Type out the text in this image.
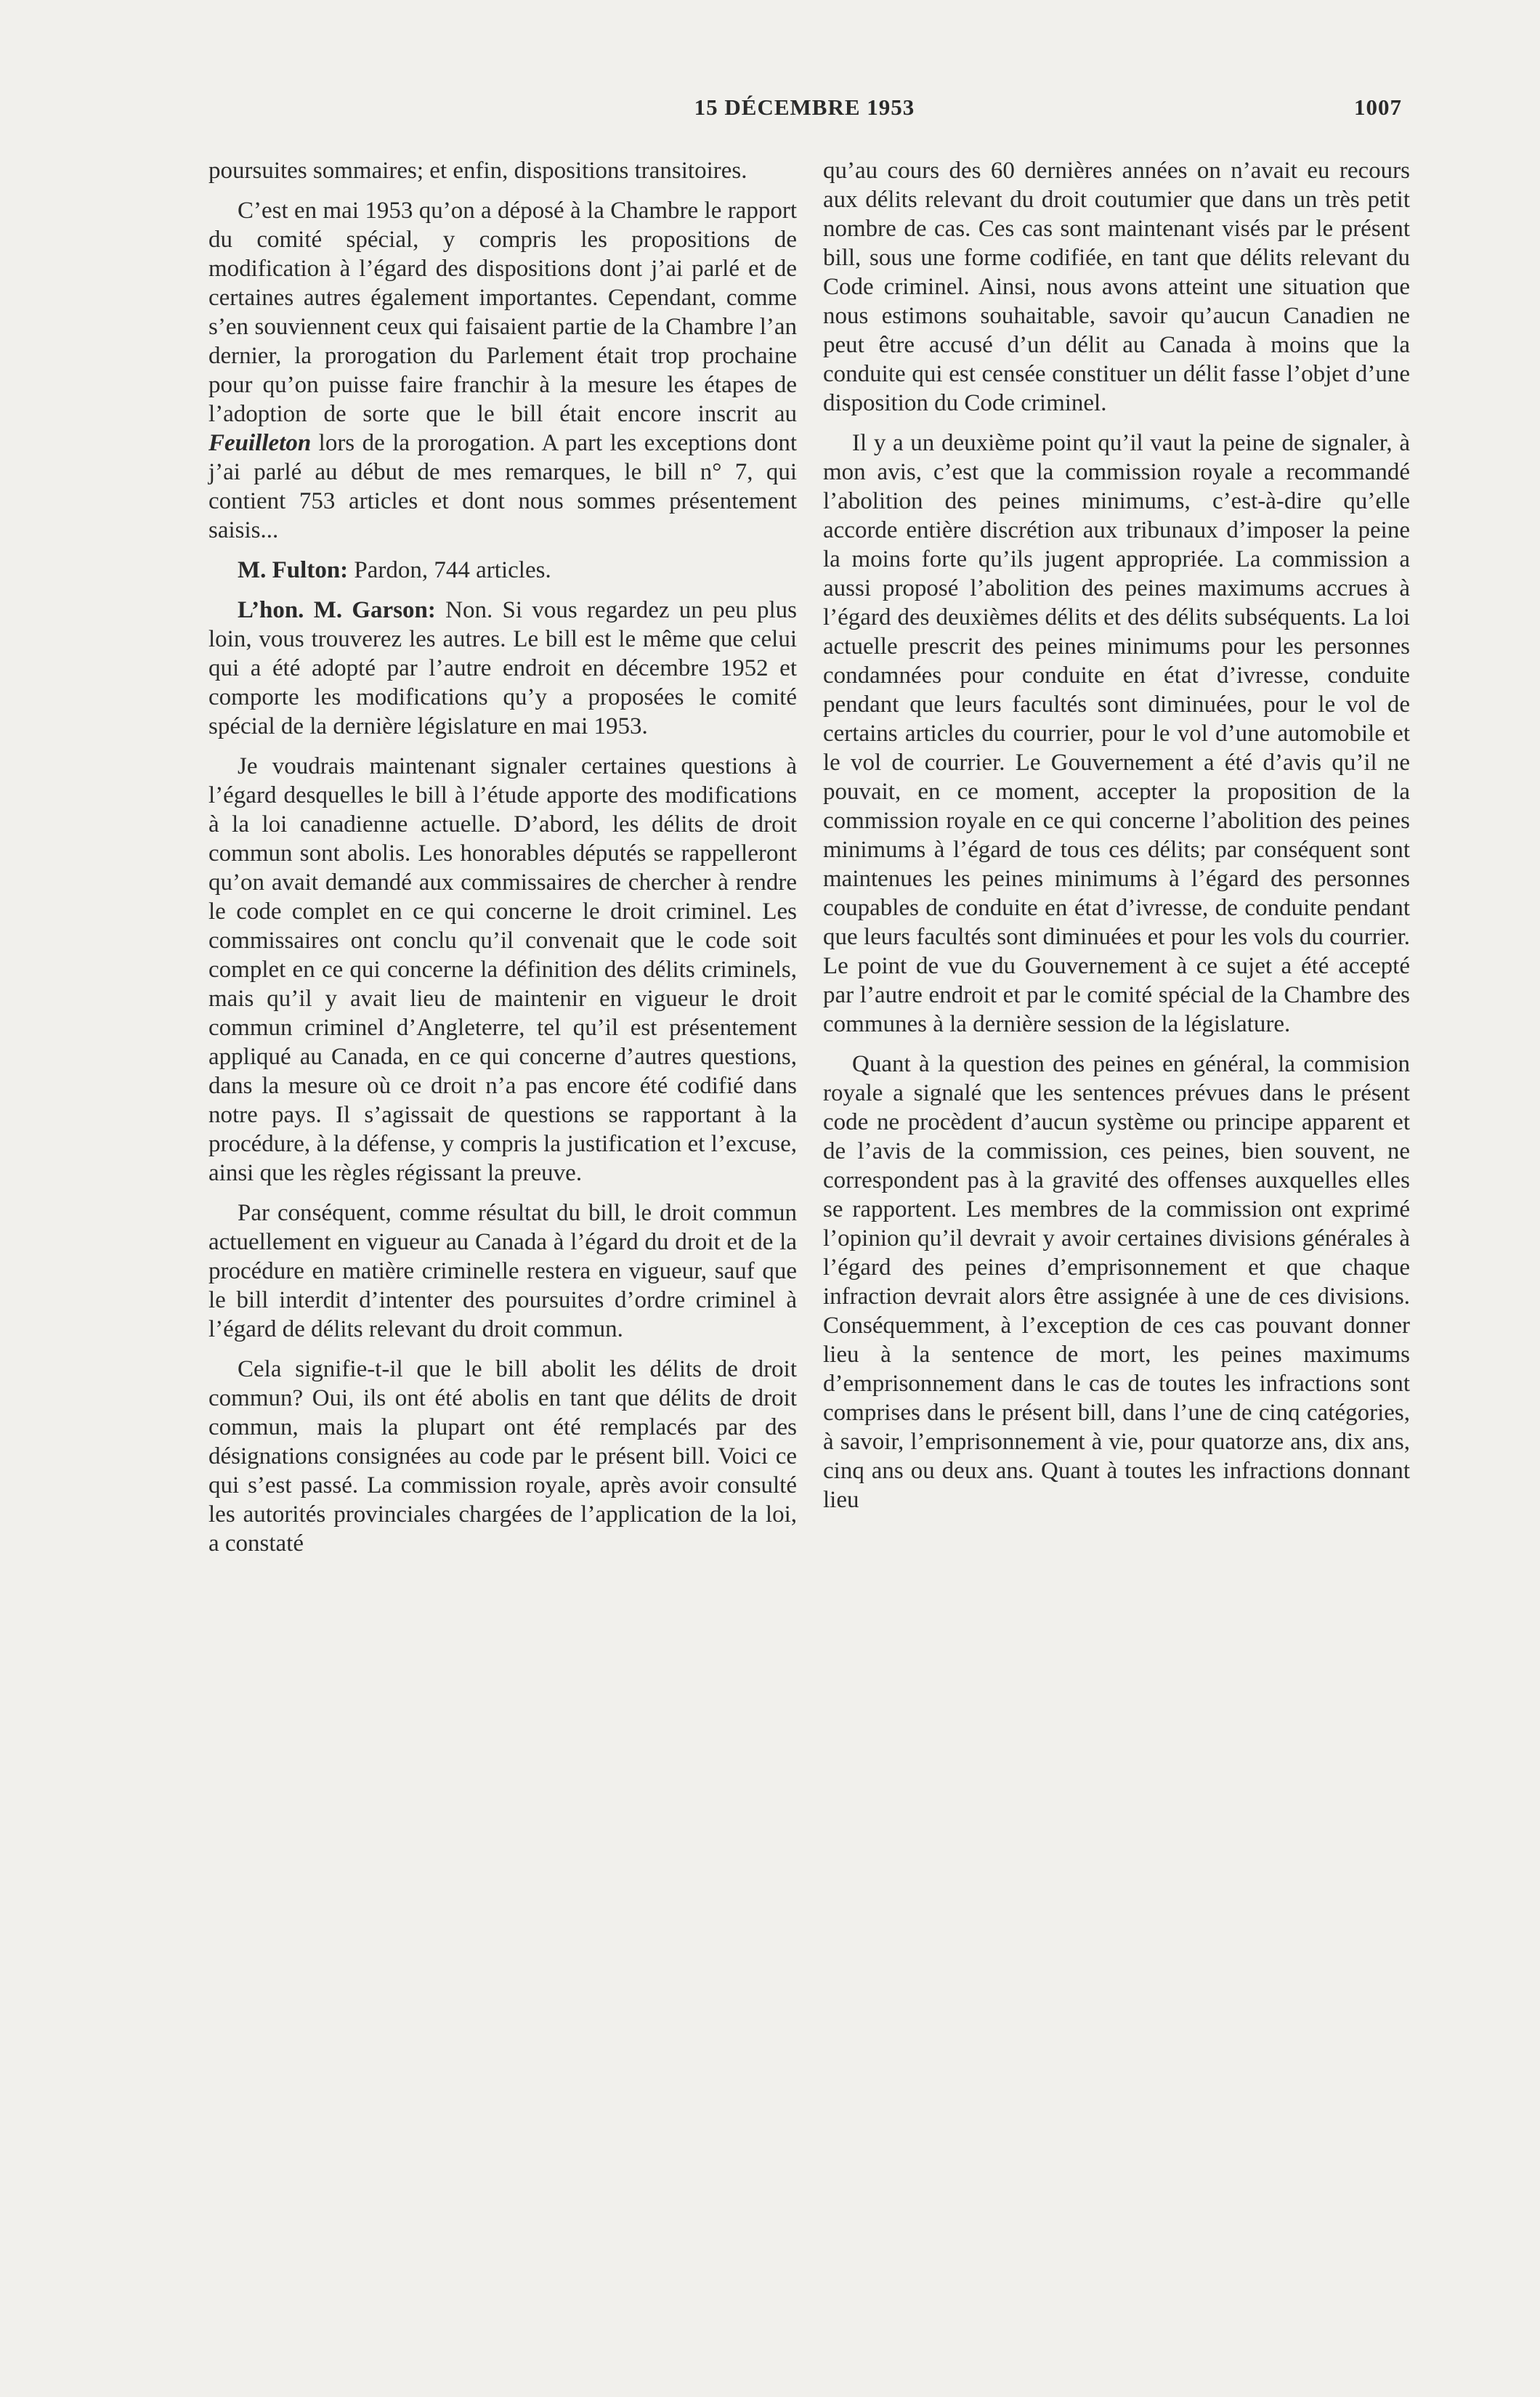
15 DÉCEMBRE 1953	1007

poursuites sommaires; et enfin, dispositions transitoires.

C’est en mai 1953 qu’on a déposé à la Chambre le rapport du comité spécial, y compris les propositions de modification à l’égard des dispositions dont j’ai parlé et de certaines autres également importantes. Cependant, comme s’en souviennent ceux qui faisaient partie de la Chambre l’an dernier, la prorogation du Parlement était trop prochaine pour qu’on puisse faire franchir à la mesure les étapes de l’adoption de sorte que le bill était encore inscrit au Feuilleton lors de la prorogation. A part les exceptions dont j’ai parlé au début de mes remarques, le bill n° 7, qui contient 753 articles et dont nous sommes présentement saisis...

M. Fulton: Pardon, 744 articles.

L’hon. M. Garson: Non. Si vous regardez un peu plus loin, vous trouverez les autres. Le bill est le même que celui qui a été adopté par l’autre endroit en décembre 1952 et comporte les modifications qu’y a proposées le comité spécial de la dernière législature en mai 1953.

Je voudrais maintenant signaler certaines questions à l’égard desquelles le bill à l’étude apporte des modifications à la loi canadienne actuelle. D’abord, les délits de droit commun sont abolis. Les honorables députés se rappelleront qu’on avait demandé aux commissaires de chercher à rendre le code complet en ce qui concerne le droit criminel. Les commissaires ont conclu qu’il convenait que le code soit complet en ce qui concerne la définition des délits criminels, mais qu’il y avait lieu de maintenir en vigueur le droit commun criminel d’Angleterre, tel qu’il est présentement appliqué au Canada, en ce qui concerne d’autres questions, dans la mesure où ce droit n’a pas encore été codifié dans notre pays. Il s’agissait de questions se rapportant à la procédure, à la défense, y compris la justification et l’excuse, ainsi que les règles régissant la preuve.

Par conséquent, comme résultat du bill, le droit commun actuellement en vigueur au Canada à l’égard du droit et de la procédure en matière criminelle restera en vigueur, sauf que le bill interdit d’intenter des poursuites d’ordre criminel à l’égard de délits relevant du droit commun.

Cela signifie-t-il que le bill abolit les délits de droit commun? Oui, ils ont été abolis en tant que délits de droit commun, mais la plupart ont été remplacés par des désignations consignées au code par le présent bill. Voici ce qui s’est passé. La commission royale, après avoir consulté les autorités provinciales chargées de l’application de la loi, a constaté

qu’au cours des 60 dernières années on n’avait eu recours aux délits relevant du droit coutumier que dans un très petit nombre de cas. Ces cas sont maintenant visés par le présent bill, sous une forme codifiée, en tant que délits relevant du Code criminel. Ainsi, nous avons atteint une situation que nous estimons souhaitable, savoir qu’aucun Canadien ne peut être accusé d’un délit au Canada à moins que la conduite qui est censée constituer un délit fasse l’objet d’une disposition du Code criminel.

Il y a un deuxième point qu’il vaut la peine de signaler, à mon avis, c’est que la commission royale a recommandé l’abolition des peines minimums, c’est-à-dire qu’elle accorde entière discrétion aux tribunaux d’imposer la peine la moins forte qu’ils jugent appropriée. La commission a aussi proposé l’abolition des peines maximums accrues à l’égard des deuxièmes délits et des délits subséquents. La loi actuelle prescrit des peines minimums pour les personnes condamnées pour conduite en état d’ivresse, conduite pendant que leurs facultés sont diminuées, pour le vol de certains articles du courrier, pour le vol d’une automobile et le vol de courrier. Le Gouvernement a été d’avis qu’il ne pouvait, en ce moment, accepter la proposition de la commission royale en ce qui concerne l’abolition des peines minimums à l’égard de tous ces délits; par conséquent sont maintenues les peines minimums à l’égard des personnes coupables de conduite en état d’ivresse, de conduite pendant que leurs facultés sont diminuées et pour les vols du courrier. Le point de vue du Gouvernement à ce sujet a été accepté par l’autre endroit et par le comité spécial de la Chambre des communes à la dernière session de la législature.

Quant à la question des peines en général, la commision royale a signalé que les sentences prévues dans le présent code ne procèdent d’aucun système ou principe apparent et de l’avis de la commission, ces peines, bien souvent, ne correspondent pas à la gravité des offenses auxquelles elles se rapportent. Les membres de la commission ont exprimé l’opinion qu’il devrait y avoir certaines divisions générales à l’égard des peines d’emprisonnement et que chaque infraction devrait alors être assignée à une de ces divisions. Conséquemment, à l’exception de ces cas pouvant donner lieu à la sentence de mort, les peines maximums d’emprisonnement dans le cas de toutes les infractions sont comprises dans le présent bill, dans l’une de cinq catégories, à savoir, l’emprisonnement à vie, pour quatorze ans, dix ans, cinq ans ou deux ans. Quant à toutes les infractions donnant lieu
